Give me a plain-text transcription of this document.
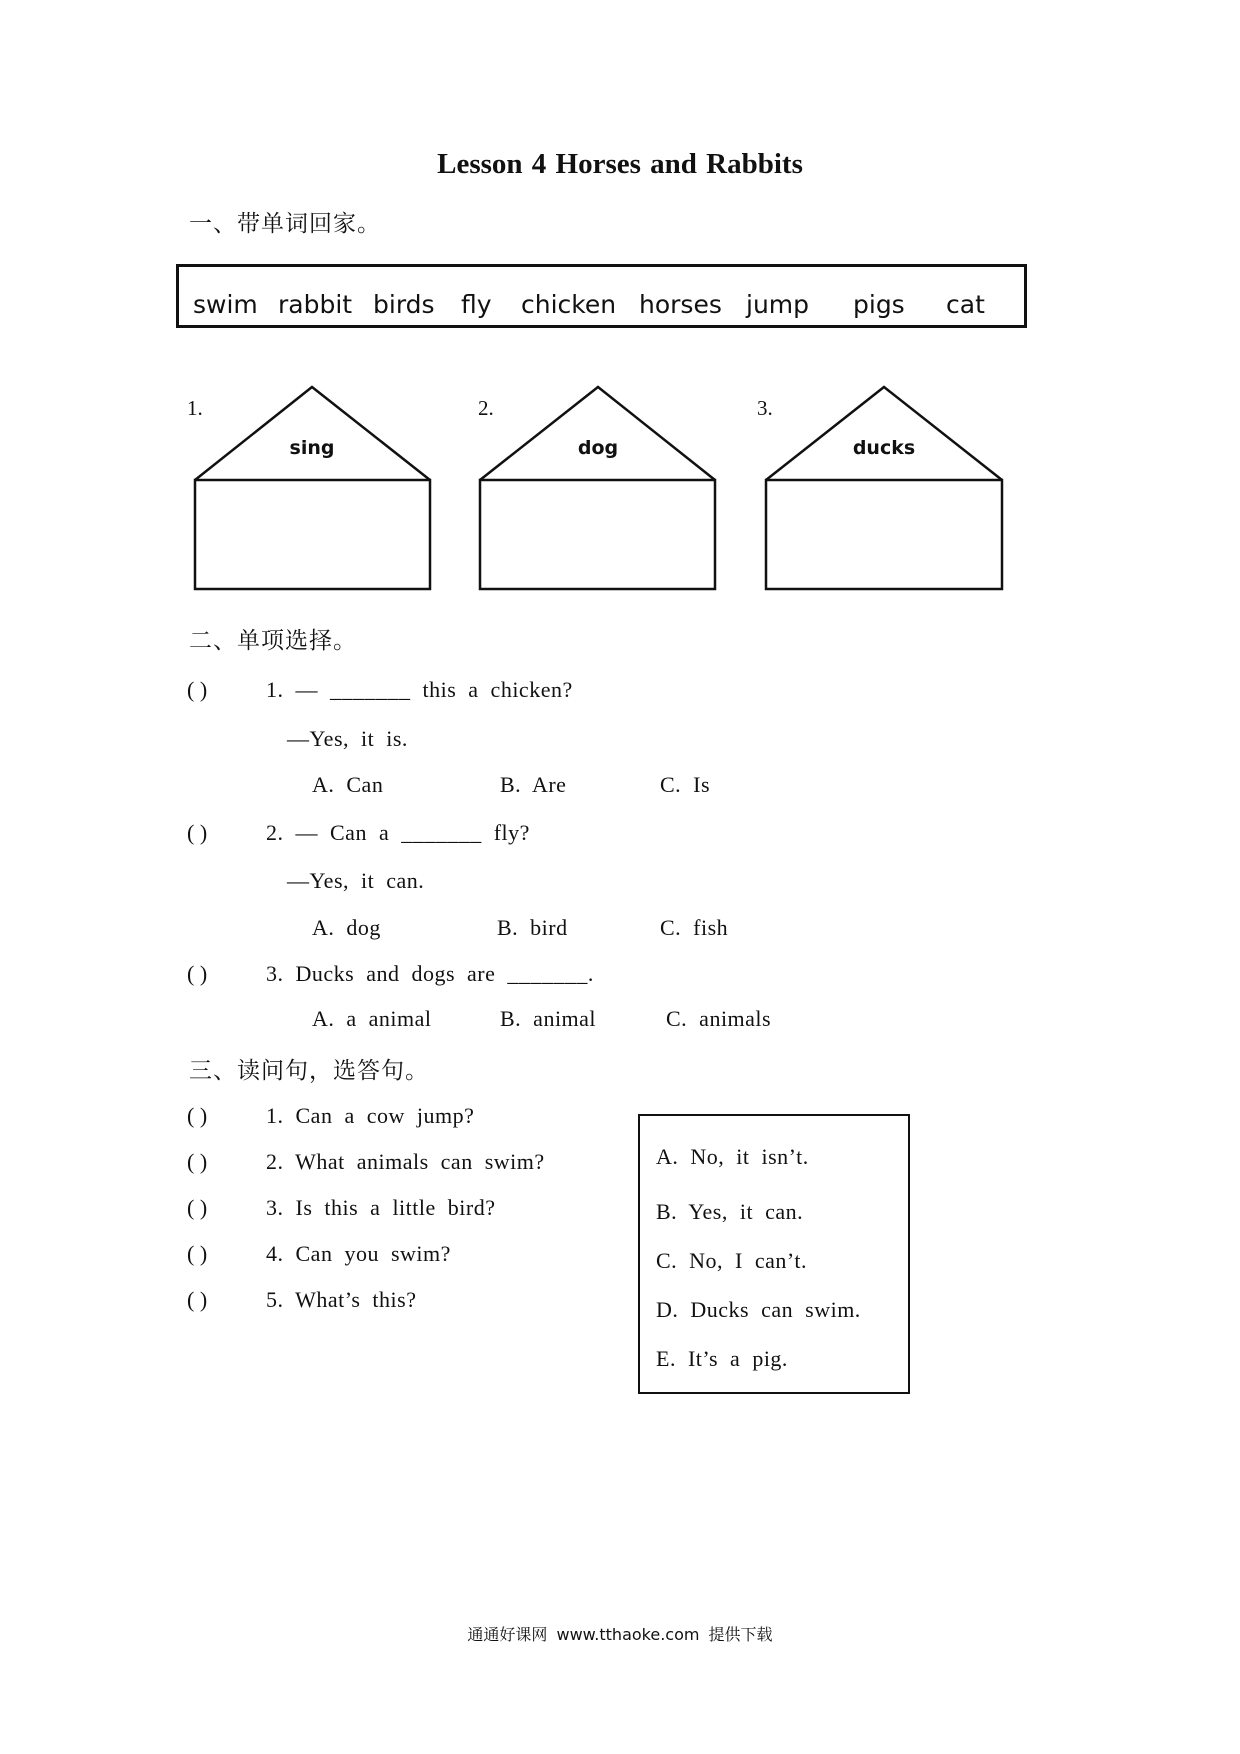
Lesson 4 Horses and Rabbits
一、带单词回家。
swim rabbit birds fly chicken horses jump pigs cat
1.	2.	3.
sing	dog	ducks
二、单项选择。
( )	1. — _______ this a chicken?
—Yes, it is.
A. Can	B. Are	C. Is
( )	2. — Can a _______ fly?
—Yes, it can.
A. dog	B. bird	C. fish
( )	3. Ducks and dogs are _______.
A. a animal	B. animal	C. animals
三、读问句，选答句。
( )	1. Can a cow jump?
( )	2. What animals can swim?
( )	3. Is this a little bird?
( )	4. Can you swim?
( )	5. What’s this?
A. No, it isn’t.
B. Yes, it can.
C. No, I can’t.
D. Ducks can swim.
E. It’s a pig.
通通好课网 www.tthaoke.com 提供下载
